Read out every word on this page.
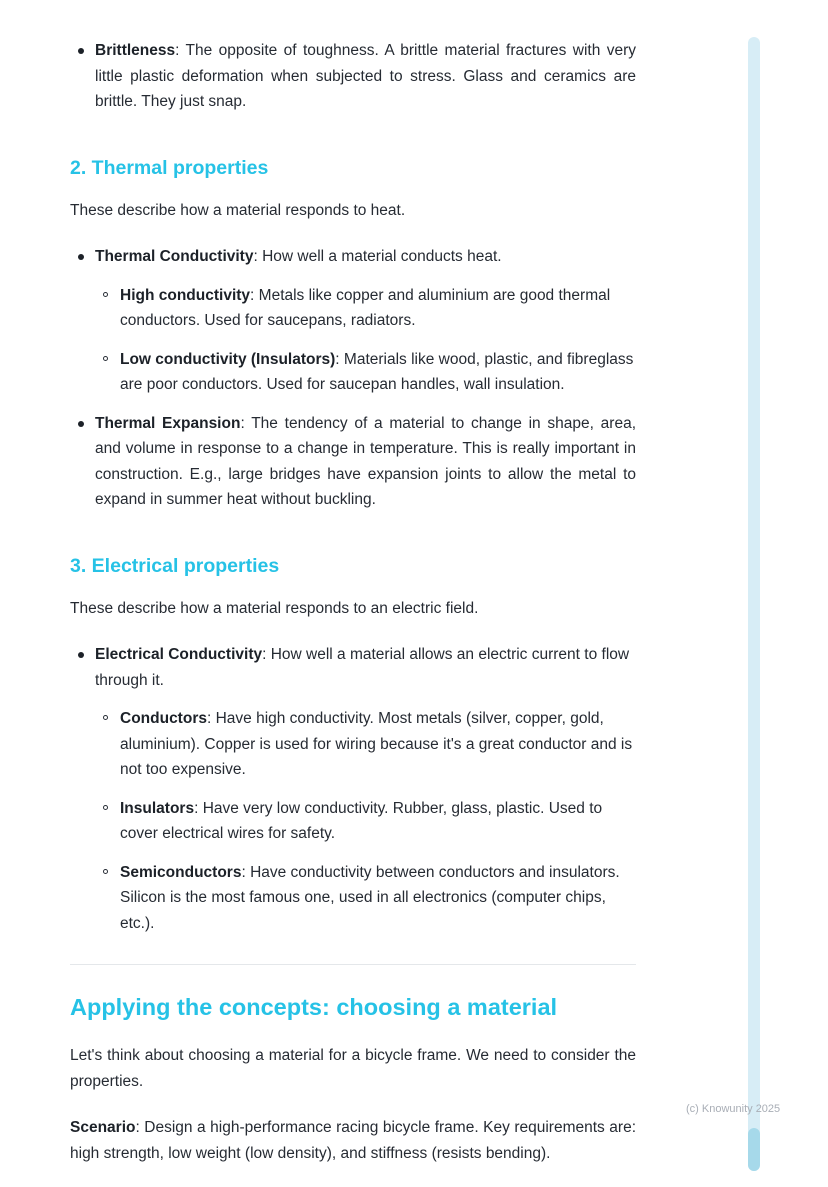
Brittleness: The opposite of toughness. A brittle material fractures with very little plastic deformation when subjected to stress. Glass and ceramics are brittle. They just snap.

2. Thermal properties

These describe how a material responds to heat.

Thermal Conductivity: How well a material conducts heat.

High conductivity: Metals like copper and aluminium are good thermal conductors. Used for saucepans, radiators.

Low conductivity (Insulators): Materials like wood, plastic, and fibreglass are poor conductors. Used for saucepan handles, wall insulation.

Thermal Expansion: The tendency of a material to change in shape, area, and volume in response to a change in temperature. This is really important in construction. E.g., large bridges have expansion joints to allow the metal to expand in summer heat without buckling.

3. Electrical properties

These describe how a material responds to an electric field.

Electrical Conductivity: How well a material allows an electric current to flow through it.

Conductors: Have high conductivity. Most metals (silver, copper, gold, aluminium). Copper is used for wiring because it's a great conductor and is not too expensive.

Insulators: Have very low conductivity. Rubber, glass, plastic. Used to cover electrical wires for safety.

Semiconductors: Have conductivity between conductors and insulators. Silicon is the most famous one, used in all electronics (computer chips, etc.).

Applying the concepts: choosing a material

Let's think about choosing a material for a bicycle frame. We need to consider the properties.

Scenario: Design a high-performance racing bicycle frame. Key requirements are: high strength, low weight (low density), and stiffness (resists bending).

(c) Knowunity 2025
